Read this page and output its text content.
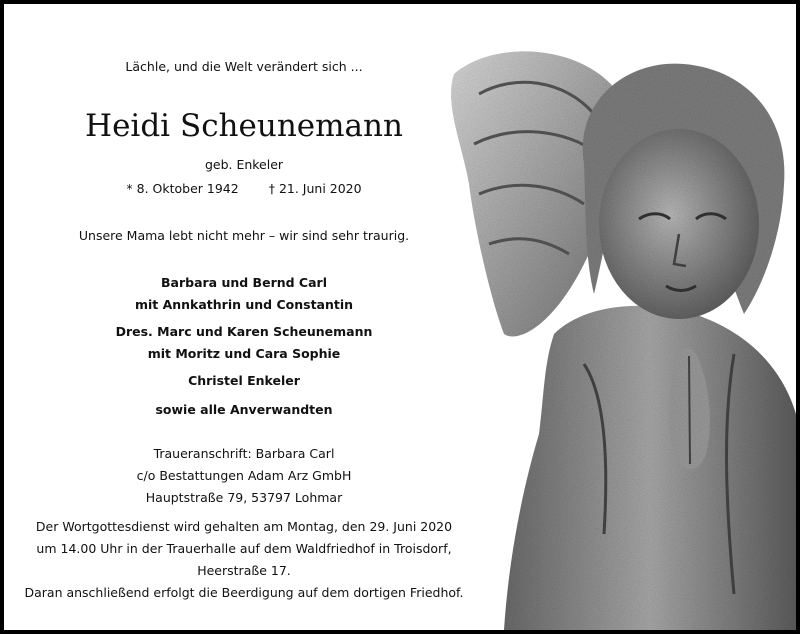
Lächle, und die Welt verändert sich ...
Heidi Scheunemann
geb. Enkeler
* 8. Oktober 1942 † 21. Juni 2020
Unsere Mama lebt nicht mehr – wir sind sehr traurig.
Barbara und Bernd Carl
mit Annkathrin und Constantin
Dres. Marc und Karen Scheunemann
mit Moritz und Cara Sophie
Christel Enkeler
sowie alle Anverwandten
Traueranschrift: Barbara Carl
c/o Bestattungen Adam Arz GmbH
Hauptstraße 79, 53797 Lohmar
Der Wortgottesdienst wird gehalten am Montag, den 29. Juni 2020
um 14.00 Uhr in der Trauerhalle auf dem Waldfriedhof in Troisdorf,
Heerstraße 17.
Daran anschließend erfolgt die Beerdigung auf dem dortigen Friedhof.
